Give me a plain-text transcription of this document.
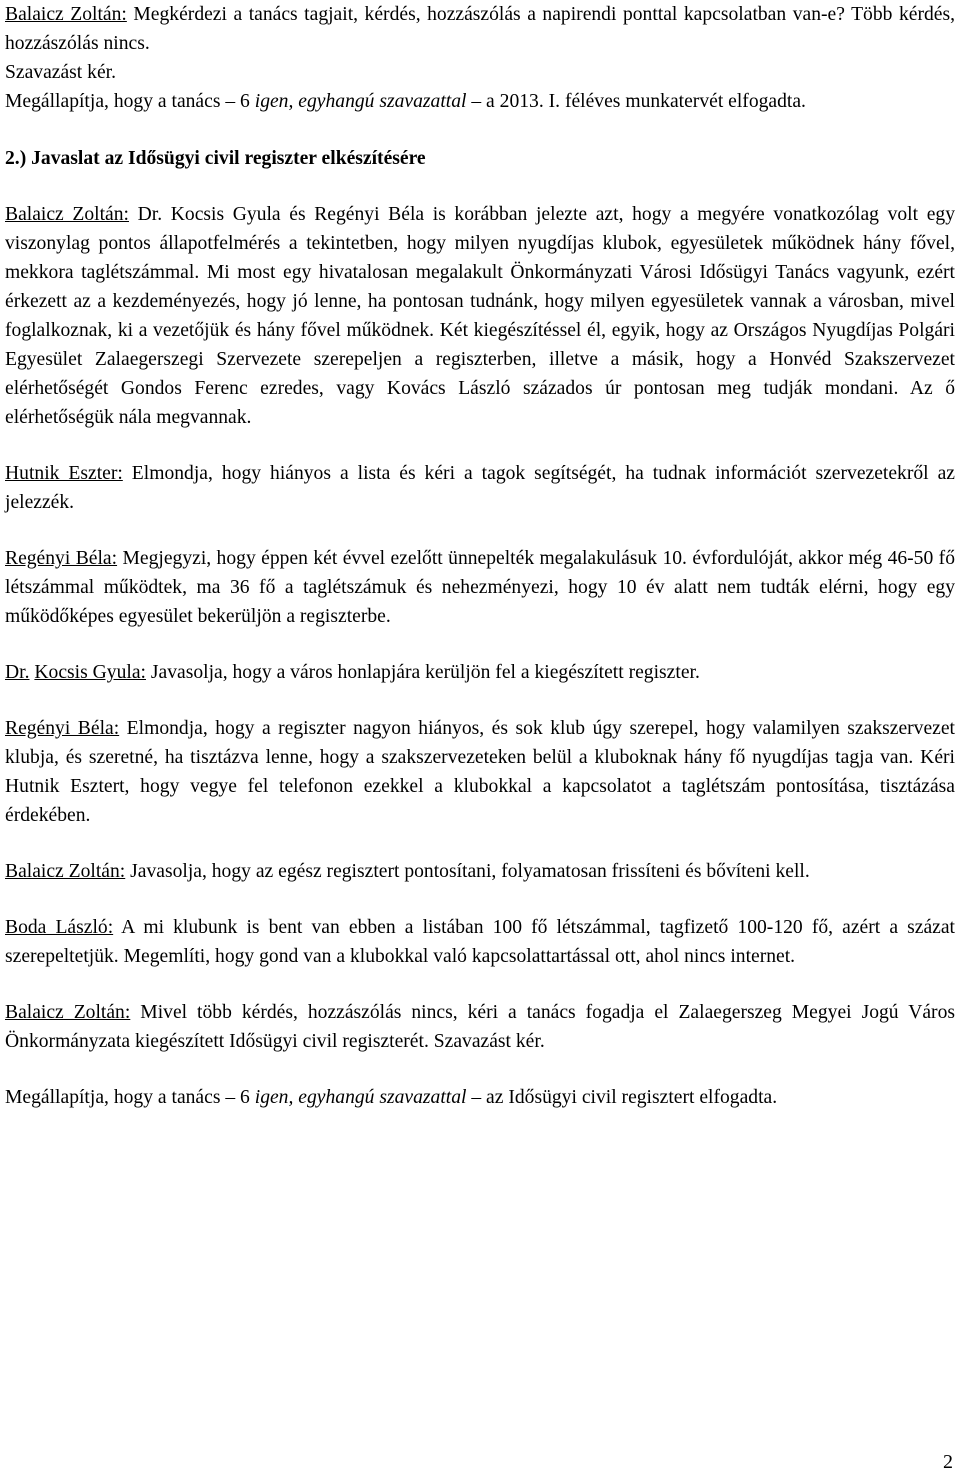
Balaicz Zoltán: Megkérdezi a tanács tagjait, kérdés, hozzászólás a napirendi ponttal kapcsolatban van-e? Több kérdés, hozzászólás nincs.
Szavazást kér.
Megállapítja, hogy a tanács – 6 igen, egyhangú szavazattal – a 2013. I. féléves munkatervét elfogadta.

2.) Javaslat az Idősügyi civil regiszter elkészítésére

Balaicz Zoltán: Dr. Kocsis Gyula és Regényi Béla is korábban jelezte azt, hogy a megyére vonatkozólag volt egy viszonylag pontos állapotfelmérés a tekintetben, hogy milyen nyugdíjas klubok, egyesületek működnek hány fővel, mekkora taglétszámmal. Mi most egy hivatalosan megalakult Önkormányzati Városi Idősügyi Tanács vagyunk, ezért érkezett az a kezdeményezés, hogy jó lenne, ha pontosan tudnánk, hogy milyen egyesületek vannak a városban, mivel foglalkoznak, ki a vezetőjük és hány fővel működnek. Két kiegészítéssel él, egyik, hogy az Országos Nyugdíjas Polgári Egyesület Zalaegerszegi Szervezete szerepeljen a regiszterben, illetve a másik, hogy a Honvéd Szakszervezet elérhetőségét Gondos Ferenc ezredes, vagy Kovács László százados úr pontosan meg tudják mondani. Az ő elérhetőségük nála megvannak.

Hutnik Eszter: Elmondja, hogy hiányos a lista és kéri a tagok segítségét, ha tudnak információt szervezetekről az jelezzék.

Regényi Béla: Megjegyzi, hogy éppen két évvel ezelőtt ünnepelték megalakulásuk 10. évfordulóját, akkor még 46-50 fő létszámmal működtek, ma 36 fő a taglétszámuk és nehezményezi, hogy 10 év alatt nem tudták elérni, hogy egy működőképes egyesület bekerüljön a regiszterbe.

Dr. Kocsis Gyula: Javasolja, hogy a város honlapjára kerüljön fel a kiegészített regiszter.

Regényi Béla: Elmondja, hogy a regiszter nagyon hiányos, és sok klub úgy szerepel, hogy valamilyen szakszervezet klubja, és szeretné, ha tisztázva lenne, hogy a szakszervezeteken belül a kluboknak hány fő nyugdíjas tagja van. Kéri Hutnik Esztert, hogy vegye fel telefonon ezekkel a klubokkal a kapcsolatot a taglétszám pontosítása, tisztázása érdekében.

Balaicz Zoltán: Javasolja, hogy az egész regisztert pontosítani, folyamatosan frissíteni és bővíteni kell.

Boda László: A mi klubunk is bent van ebben a listában 100 fő létszámmal, tagfizető 100-120 fő, azért a százat szerepeltetjük. Megemlíti, hogy gond van a klubokkal való kapcsolattartással ott, ahol nincs internet.

Balaicz Zoltán: Mivel több kérdés, hozzászólás nincs, kéri a tanács fogadja el Zalaegerszeg Megyei Jogú Város Önkormányzata kiegészített Idősügyi civil regiszterét. Szavazást kér.

Megállapítja, hogy a tanács – 6 igen, egyhangú szavazattal – az Idősügyi civil regisztert elfogadta.

2
